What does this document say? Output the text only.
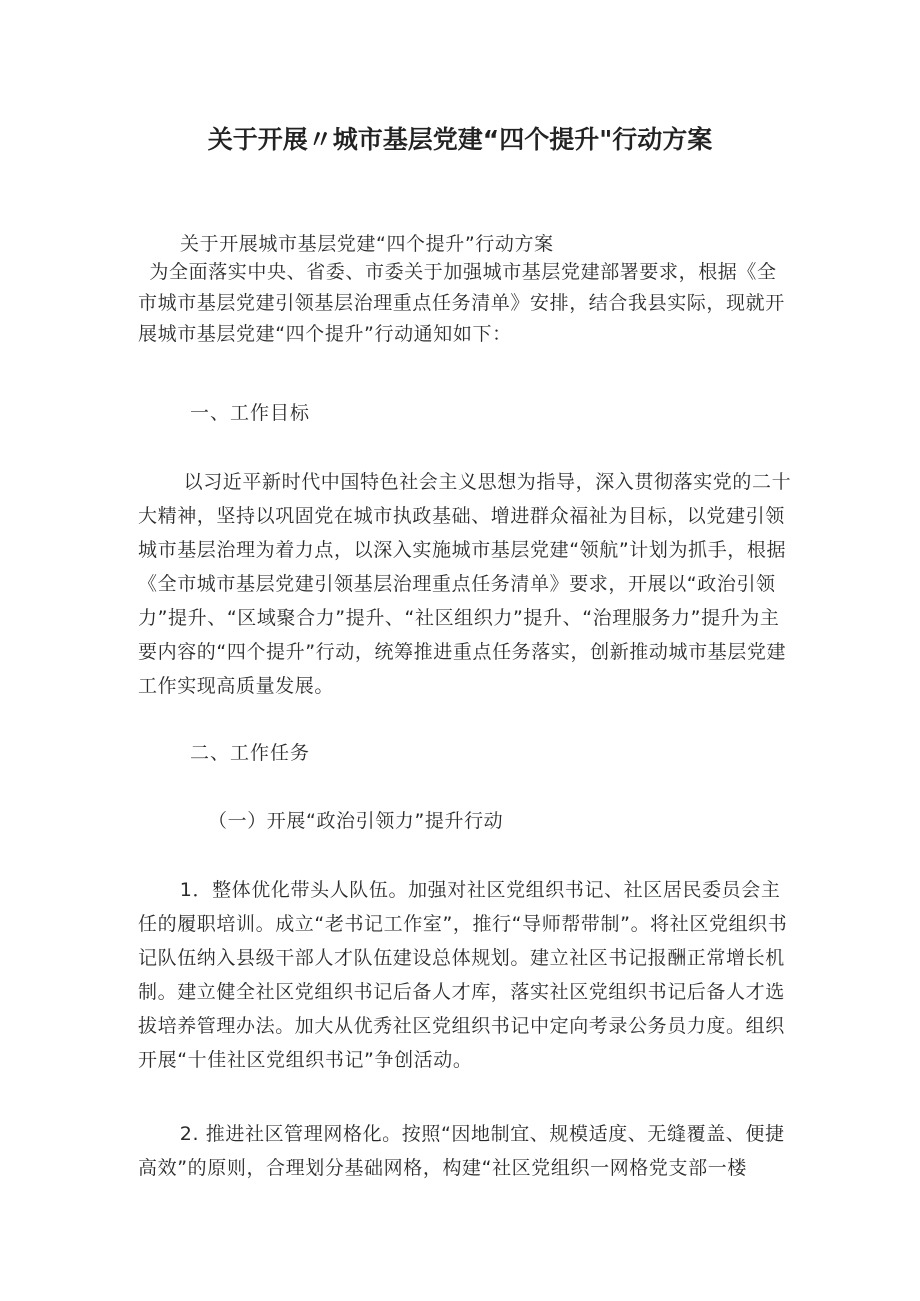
关于开展〃城市基层党建“四个提升"行动方案
关于开展城市基层党建“四个提升”行动方案

为全面落实中央、省委、市委关于加强城市基层党建部署要求，根据《全市城市基层党建引领基层治理重点任务清单》安排，结合我县实际，现就开展城市基层党建“四个提升”行动通知如下：

一、工作目标

以习近平新时代中国特色社会主义思想为指导，深入贯彻落实党的二十大精神，坚持以巩固党在城市执政基础、增进群众福祉为目标，以党建引领城市基层治理为着力点，以深入实施城市基层党建“领航”计划为抓手，根据《全市城市基层党建引领基层治理重点任务清单》要求，开展以“政治引领力”提升、“区域聚合力”提升、“社区组织力”提升、“治理服务力”提升为主要内容的“四个提升”行动，统筹推进重点任务落实，创新推动城市基层党建工作实现高质量发展。

二、工作任务
（一）开展“政治引领力”提升行动

1．整体优化带头人队伍。加强对社区党组织书记、社区居民委员会主任的履职培训。成立“老书记工作室”，推行“导师帮带制”。将社区党组织书记队伍纳入县级干部人才队伍建设总体规划。建立社区书记报酬正常增长机制。建立健全社区党组织书记后备人才库，落实社区党组织书记后备人才选拔培养管理办法。加大从优秀社区党组织书记中定向考录公务员力度。组织开展“十佳社区党组织书记”争创活动。

2. 推进社区管理网格化。按照“因地制宜、规模适度、无缝覆盖、便捷高效”的原则，合理划分基础网格，构建“社区党组织一网格党支部一楼
